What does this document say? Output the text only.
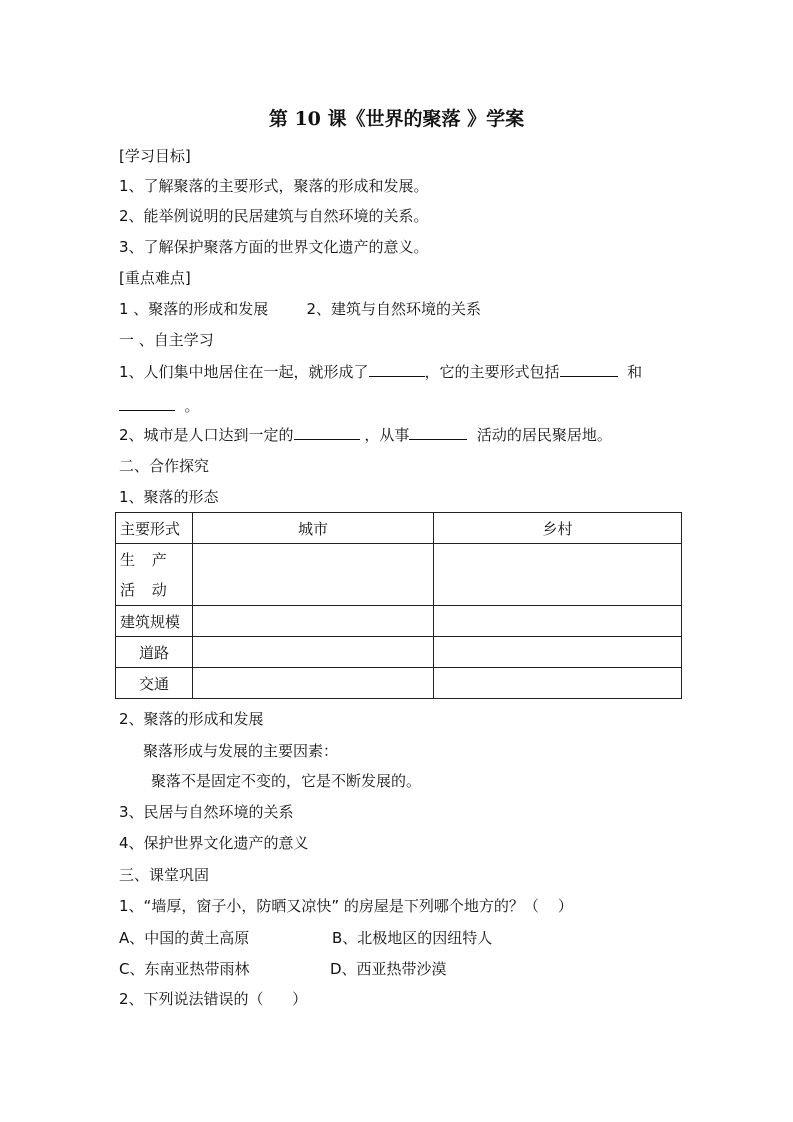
第 10 课《世界的聚落 》学案
[学习目标]
1、了解聚落的主要形式，聚落的形成和发展。
2、能举例说明的民居建筑与自然环境的关系。
3、了解保护聚落方面的世界文化遗产的意义。
[重点难点]
1 、聚落的形成和发展        2、建筑与自然环境的关系
一 、自主学习
1、人们集中地居住在一起，就形成了	，它的主要形式包括	和
。
2、城市是人口达到一定的	，从事	活动的居民聚居地。
二、合作探究
1、聚落的形态
主要形式	城市	乡村
生 产 活 动		
建筑规模		
道路		
交通		
2、聚落的形成和发展
聚落形成与发展的主要因素：
聚落不是固定不变的，它是不断发展的。
3、民居与自然环境的关系
4、保护世界文化遗产的意义
三、课堂巩固
1、“墙厚，窗子小，防晒又凉快” 的房屋是下列哪个地方的？（    ）
A、中国的黄土高原	B、北极地区的因纽特人
C、东南亚热带雨林	D、西亚热带沙漠
2、下列说法错误的（      ）
